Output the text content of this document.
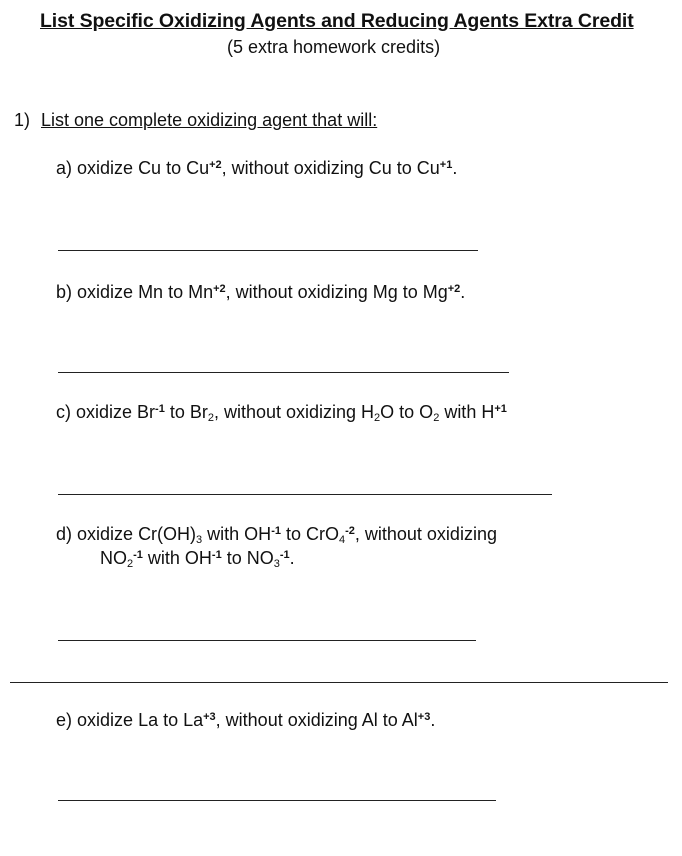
List Specific Oxidizing Agents and Reducing Agents Extra Credit
(5 extra homework credits)
1) List one complete oxidizing agent that will:
a) oxidize Cu to $Cu^{+2}$, without oxidizing Cu to $Cu^{+1}$.
b) oxidize Mn to $Mn^{+2}$, without oxidizing Mg to $Mg^{+2}$.
c) oxidize $Br^{-1}$ to $Br_2$, without oxidizing $H_2O$ to $O_2$ with $H^{+1}$
d) oxidize $Cr(OH)_3$ with $OH^{-1}$ to CrO$_4^{-2}$, without oxidizing
$NO_2^{-1}$ with $OH^{-1}$ to $NO_3^{-1}$.
e) oxidize La to $La^{+3}$, without oxidizing Al to $Al^{+3}$.
